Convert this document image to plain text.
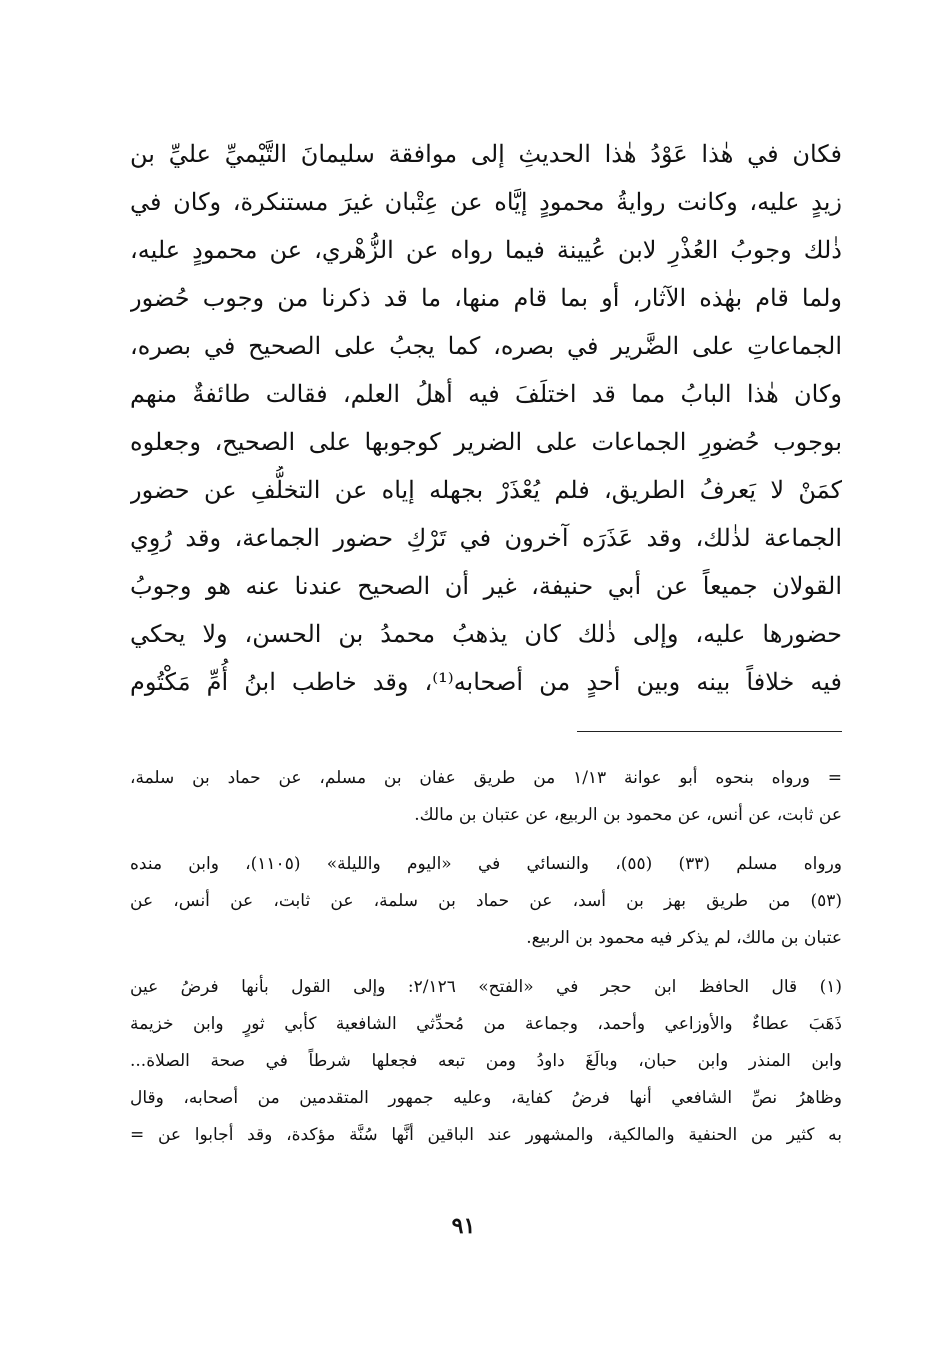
فكان في هٰذا عَوْدُ هٰذا الحديثِ إلى موافقة سليمانَ التَّيْميِّ عليِّ بن
زيدٍ عليه، وكانت روايةُ محمودٍ إيَّاه عن عِتْبان غيرَ مستنكرة، وكان في
ذٰلك وجوبُ العُذْرِ لابن عُيينة فيما رواه عن الزُّهْري، عن محمودٍ عليه،
ولما قام بهٰذه الآثار، أو بما قام منها، ما قد ذكرنا من وجوب حُضور
الجماعاتِ على الضَّرير في بصره، كما يجبُ على الصحيح في بصره،
وكان هٰذا البابُ مما قد اختلَفَ فيه أهلُ العلم، فقالت طائفةٌ منهم
بوجوب حُضورِ الجماعات على الضرير كوجوبها على الصحيح، وجعلوه
كمَنْ لا يَعرفُ الطريق، فلم يُعْذَرْ بجهله إياه عن التخلُّفِ عن حضور
الجماعة لذٰلك، وقد عَذَرَه آخرون في تَرْكِ حضور الجماعة، وقد رُوِي
القولان جميعاً عن أبي حنيفة، غير أن الصحيح عندنا عنه هو وجوبُ
حضورها عليه، وإلى ذٰلك كان يذهبُ محمدُ بن الحسن، ولا يحكي
فيه خلافاً بينه وبين أحدٍ من أصحابه⁽¹⁾، وقد خاطب ابنُ أُمِّ مَكْتُوم
= ورواه بنحوه أبو عوانة ١/١٣ من طريق عفان بن مسلم، عن حماد بن سلمة،
عن ثابت، عن أنس، عن محمود بن الربيع، عن عتبان بن مالك.
ورواه مسلم (٣٣) (٥٥)، والنسائي في «اليوم والليلة» (١١٠٥)، وابن منده
(٥٣) من طريق بهز بن أسد، عن حماد بن سلمة، عن ثابت، عن أنس، عن
عتبان بن مالك، لم يذكر فيه محمود بن الربيع.
(١) قال الحافظ ابن حجر في «الفتح» ٢/١٢٦: وإلى القول بأنها فرضُ عين
ذَهَبَ عطاءٌ والأوزاعي وأحمد، وجماعة من مُحدِّثي الشافعية كأبي ثورٍ وابن خزيمة
وابن المنذر وابن حبان، وبالَغَ داودُ ومن تبعه فجعلها شرطاً في صحة الصلاة...
وظاهرُ نصِّ الشافعي أنها فرضُ كفاية، وعليه جمهور المتقدمين من أصحابه، وقال
به كثير من الحنفية والمالكية، والمشهور عند الباقين أنَّها سُنَّة مؤكدة، وقد أجابوا عن =
٩١
